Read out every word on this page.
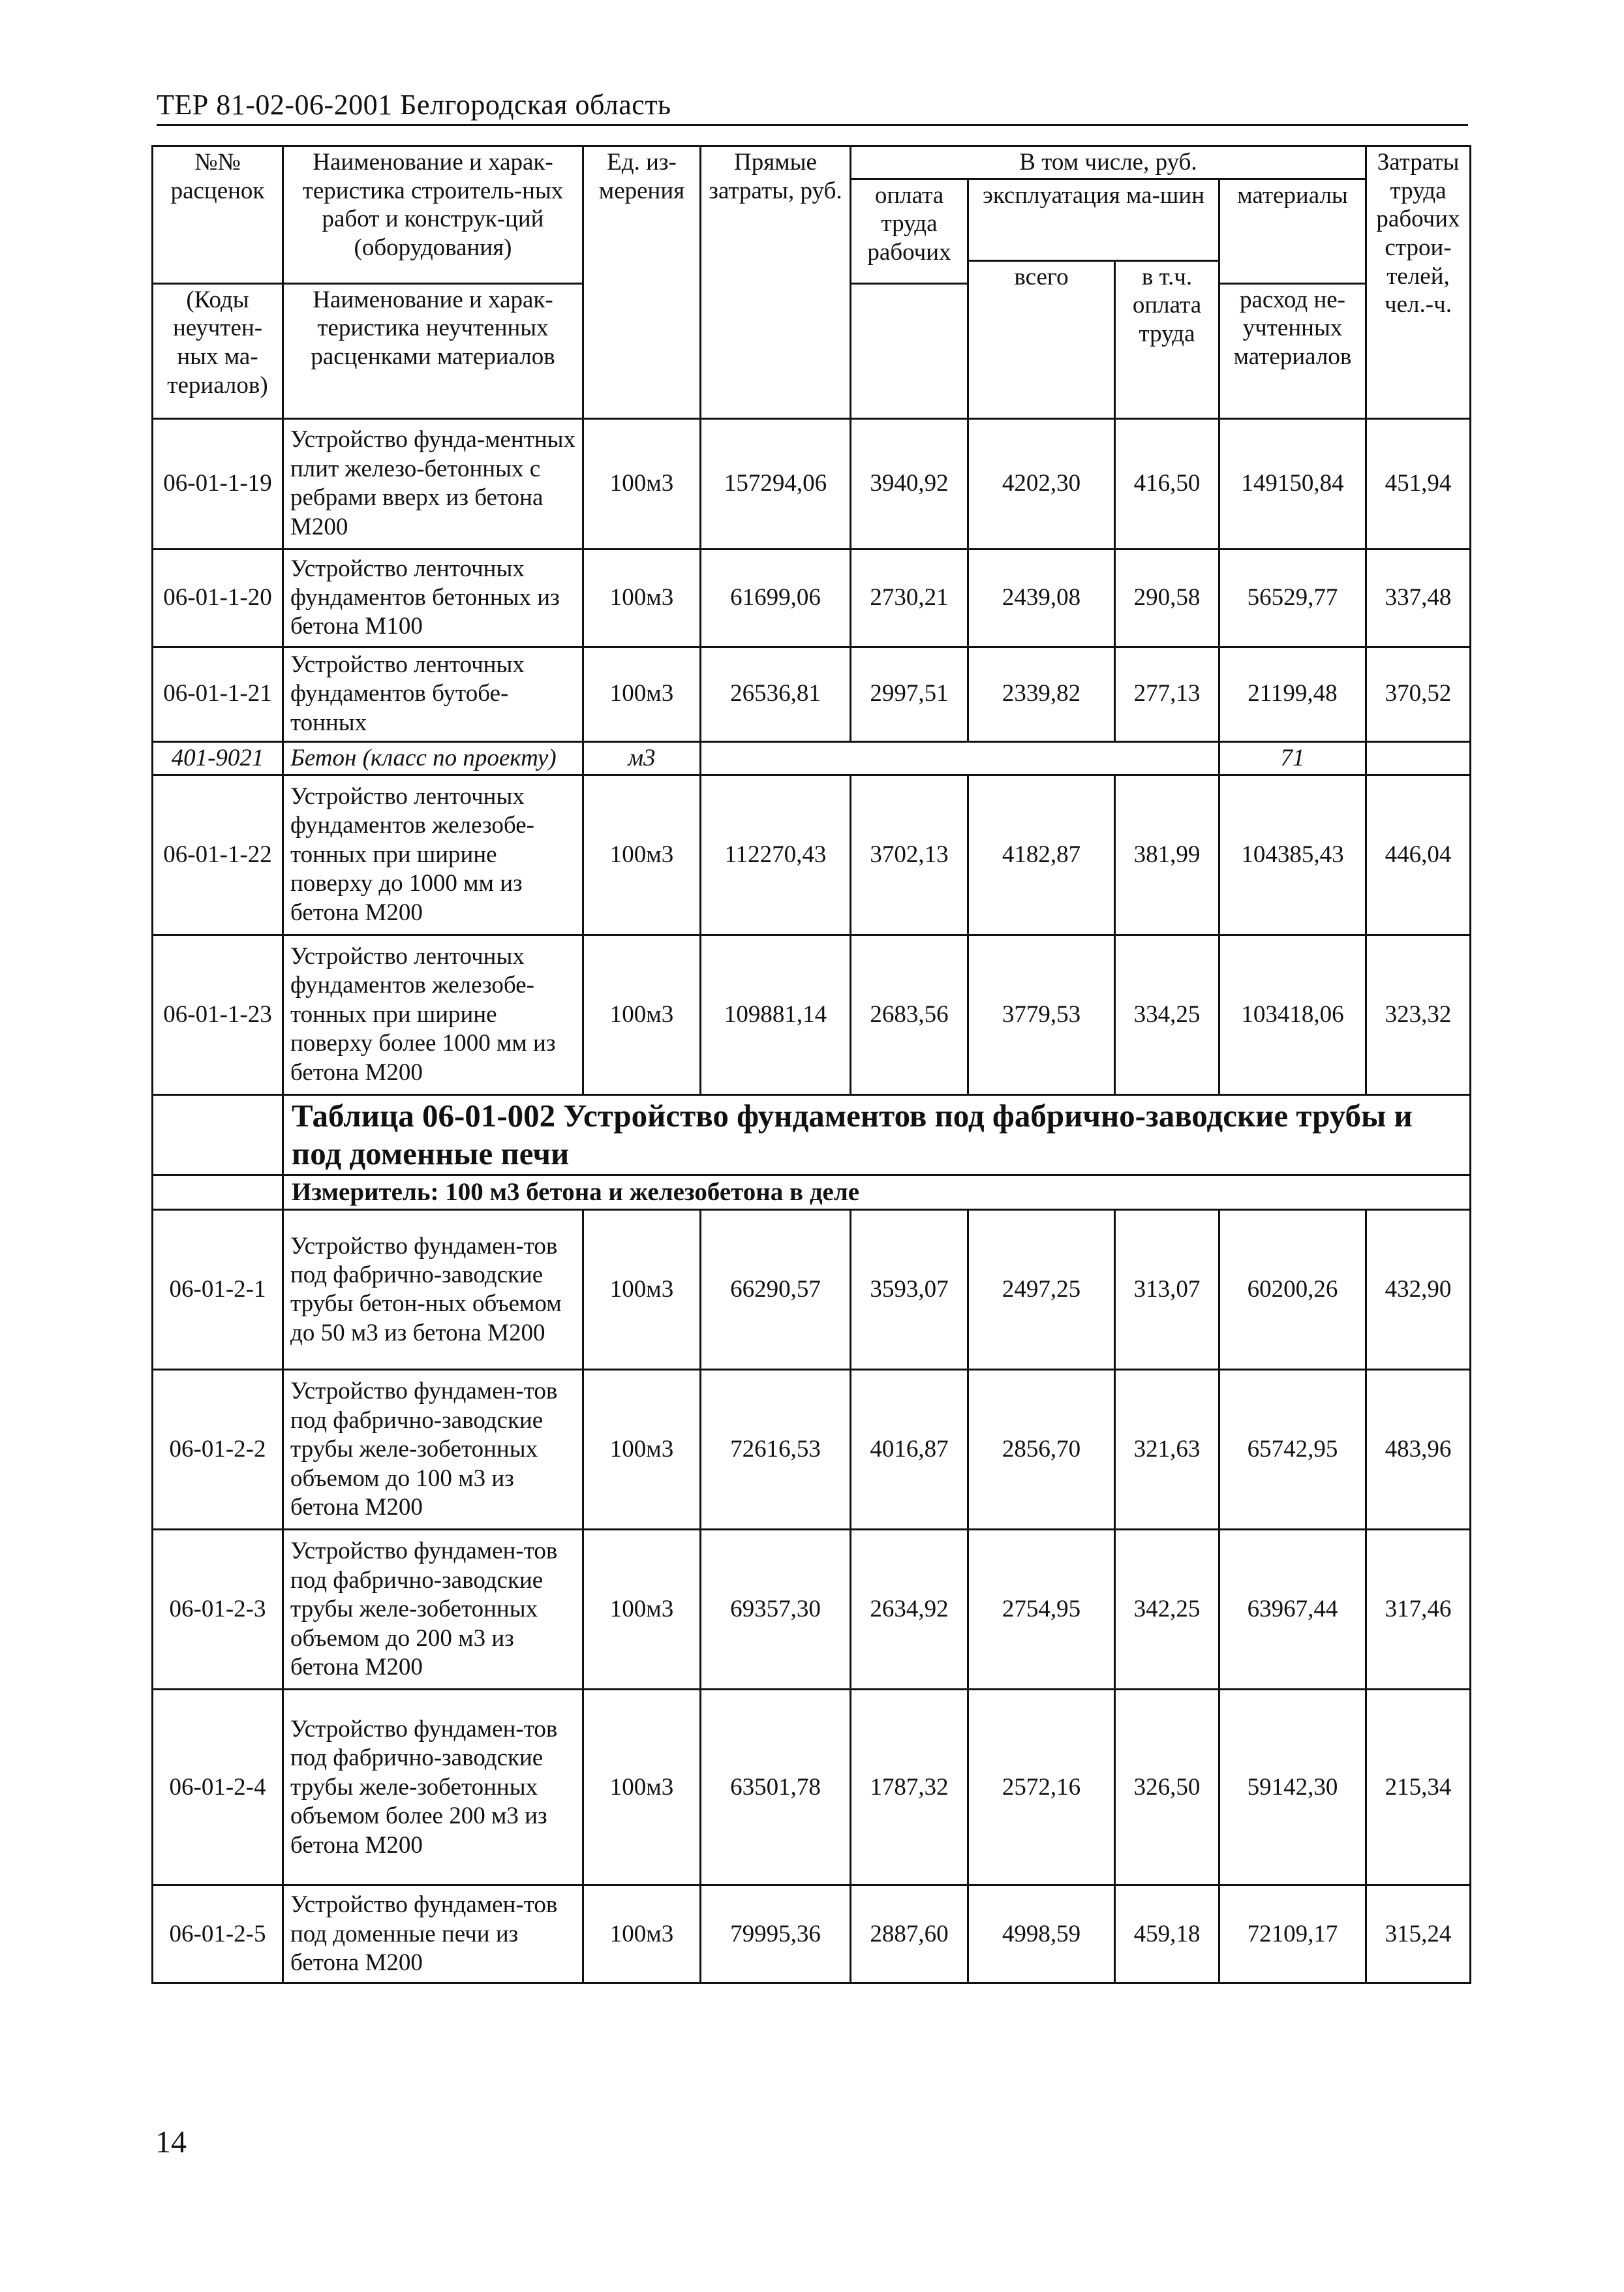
ТЕР 81-02-06-2001 Белгородская область
№№ расценок	Наименование и харак-теристика строитель-ных работ и конструк-ций (оборудования)	Ед. из-мерения	Прямые затраты, руб.	В том числе, руб.				Затраты труда рабочих строи-телей, чел.-ч.
				оплата труда рабочих	эксплуатация ма-шин		материалы	
					всего	в т.ч. оплата труда		
(Коды неучтен-ных ма-териалов)	Наименование и харак-теристика неучтенных расценками материалов						расход не-учтенных материалов	

06-01-1-19	Устройство фунда-ментных плит железо-бетонных с ребрами вверх из бетона М200	100м3	157294,06	3940,92	4202,30	416,50	149150,84	451,94
06-01-1-20	Устройство ленточных фундаментов бетонных из бетона М100	100м3	61699,06	2730,21	2439,08	290,58	56529,77	337,48
06-01-1-21	Устройство ленточных фундаментов бутобе-тонных	100м3	26536,81	2997,51	2339,82	277,13	21199,48	370,52
401-9021	Бетон (класс по проекту)	м3					71	
06-01-1-22	Устройство ленточных фундаментов железобе-тонных при ширине поверху до 1000 мм из бетона М200	100м3	112270,43	3702,13	4182,87	381,99	104385,43	446,04
06-01-1-23	Устройство ленточных фундаментов железобе-тонных при ширине поверху более 1000 мм из бетона М200	100м3	109881,14	2683,56	3779,53	334,25	103418,06	323,32
	Таблица 06-01-002 Устройство фундаментов под фабрично-заводские трубы и под доменные печи							
	Измеритель: 100 м3 бетона и железобетона в деле							
06-01-2-1	Устройство фундамен-тов под фабрично-заводские трубы бетон-ных объемом до 50 м3 из бетона М200	100м3	66290,57	3593,07	2497,25	313,07	60200,26	432,90
06-01-2-2	Устройство фундамен-тов под фабрично-заводские трубы желе-зобетонных объемом до 100 м3 из бетона М200	100м3	72616,53	4016,87	2856,70	321,63	65742,95	483,96
06-01-2-3	Устройство фундамен-тов под фабрично-заводские трубы желе-зобетонных объемом до 200 м3 из бетона М200	100м3	69357,30	2634,92	2754,95	342,25	63967,44	317,46
06-01-2-4	Устройство фундамен-тов под фабрично-заводские трубы желе-зобетонных объемом более 200 м3 из бетона М200	100м3	63501,78	1787,32	2572,16	326,50	59142,30	215,34
06-01-2-5	Устройство фундамен-тов под доменные печи из бетона М200	100м3	79995,36	2887,60	4998,59	459,18	72109,17	315,24
14
